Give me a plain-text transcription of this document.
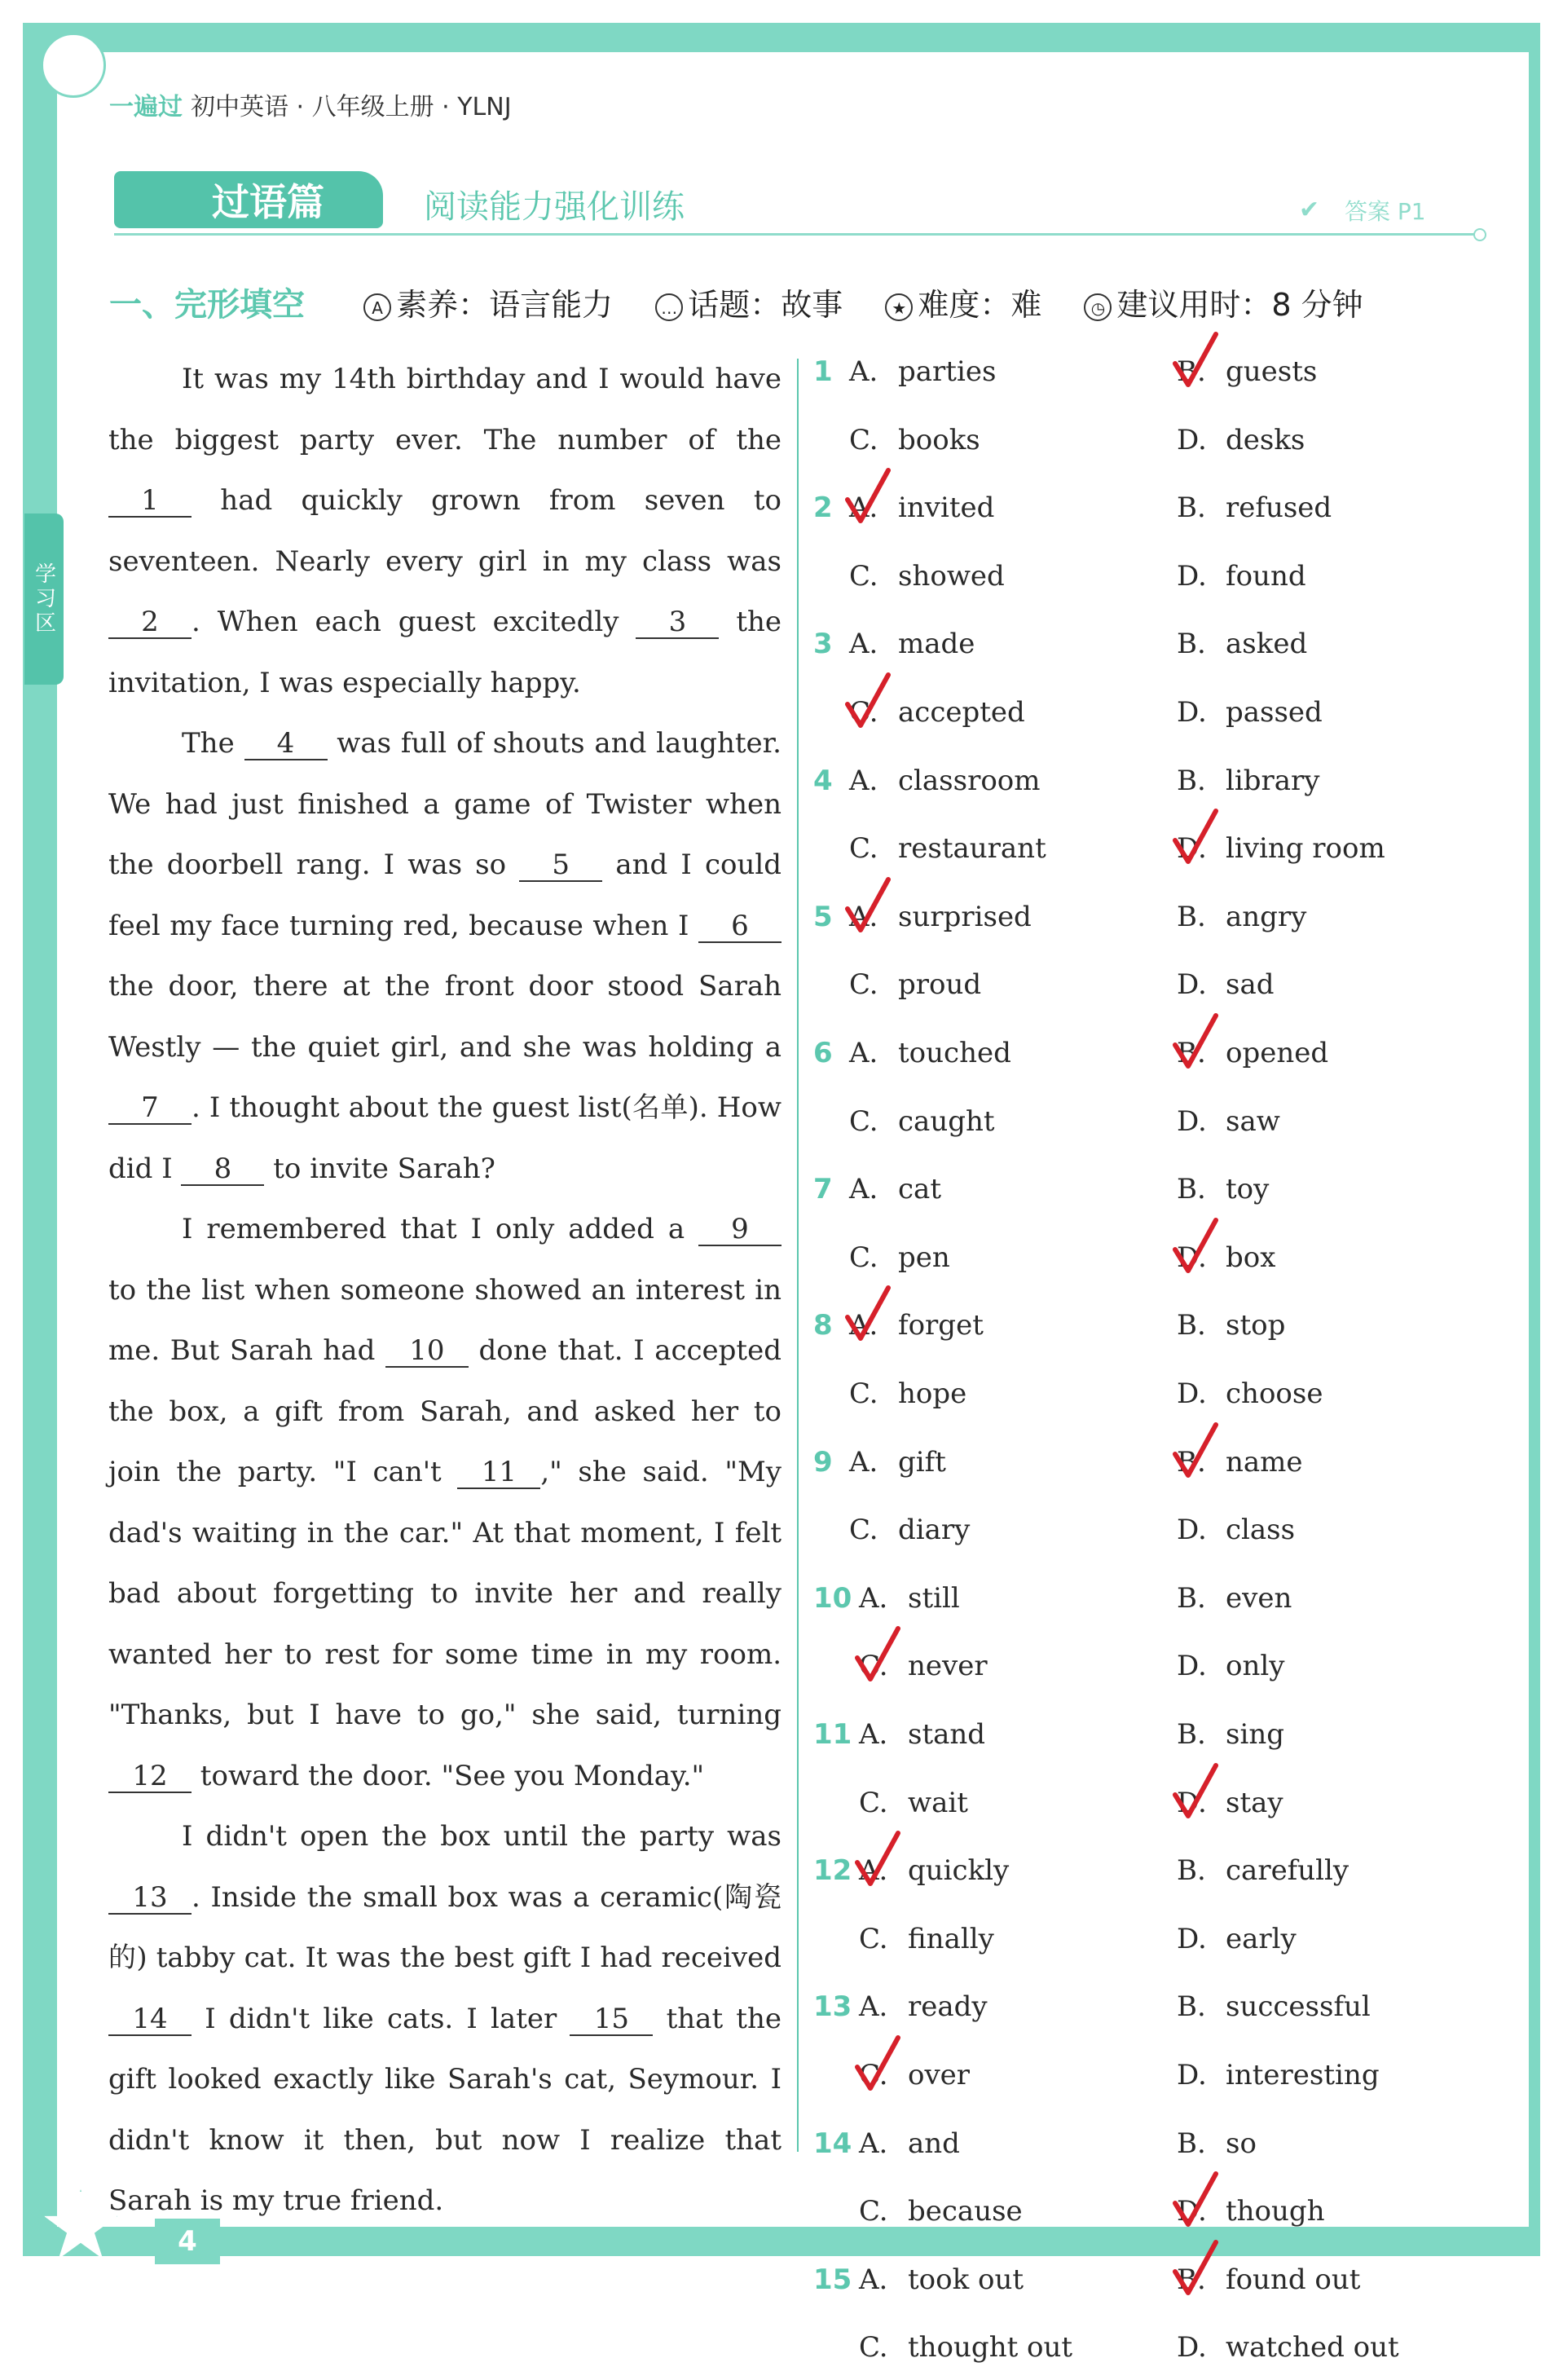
4
学习区
一遍过 初中英语 · 八年级上册 · YLNJ
过语篇	阅读能力强化训练	✔ 答案 P1
一、完形填空	A 素养：语言能力	… 话题：故事	★ 难度：难	◷ 建议用时：8 分钟

It was my 14th birthday and I would have the biggest party ever. The number of the 1 had quickly grown from seven to seventeen. Nearly every girl in my class was 2 . When each guest excitedly 3 the invitation, I was especially happy.

The 4 was full of shouts and laughter. We had just finished a game of Twister when the doorbell rang. I was so 5 and I could feel my face turning red, because when I 6 the door, there at the front door stood Sarah Westly — the quiet girl, and she was holding a 7 . I thought about the guest list(名单). How did I 8 to invite Sarah?

I remembered that I only added a 9 to the list when someone showed an interest in me. But Sarah had 10 done that. I accepted the box, a gift from Sarah, and asked her to join the party. "I can't 11 ," she said. "My dad's waiting in the car." At that moment, I felt bad about forgetting to invite her and really wanted her to rest for some time in my room. "Thanks, but I have to go," she said, turning 12 toward the door. "See you Monday."

I didn't open the box until the party was 13 . Inside the small box was a ceramic(陶瓷的) tabby cat. It was the best gift I had received 14 I didn't like cats. I later 15 that the gift looked exactly like Sarah's cat, Seymour. I didn't know it then, but now I realize that Sarah is my true friend.

1 A. parties	B. guests
C. books	D. desks
2 A. invited	B. refused
C. showed	D. found
3 A. made	B. asked
C. accepted	D. passed
4 A. classroom	B. library
C. restaurant	D. living room
5 A. surprised	B. angry
C. proud	D. sad
6 A. touched	B. opened
C. caught	D. saw
7 A. cat	B. toy
C. pen	D. box
8 A. forget	B. stop
C. hope	D. choose
9 A. gift	B. name
C. diary	D. class
10 A. still	B. even
C. never	D. only
11 A. stand	B. sing
C. wait	D. stay
12 A. quickly	B. carefully
C. finally	D. early
13 A. ready	B. successful
C. over	D. interesting
14 A. and	B. so
C. because	D. though
15 A. took out	B. found out
C. thought out	D. watched out
